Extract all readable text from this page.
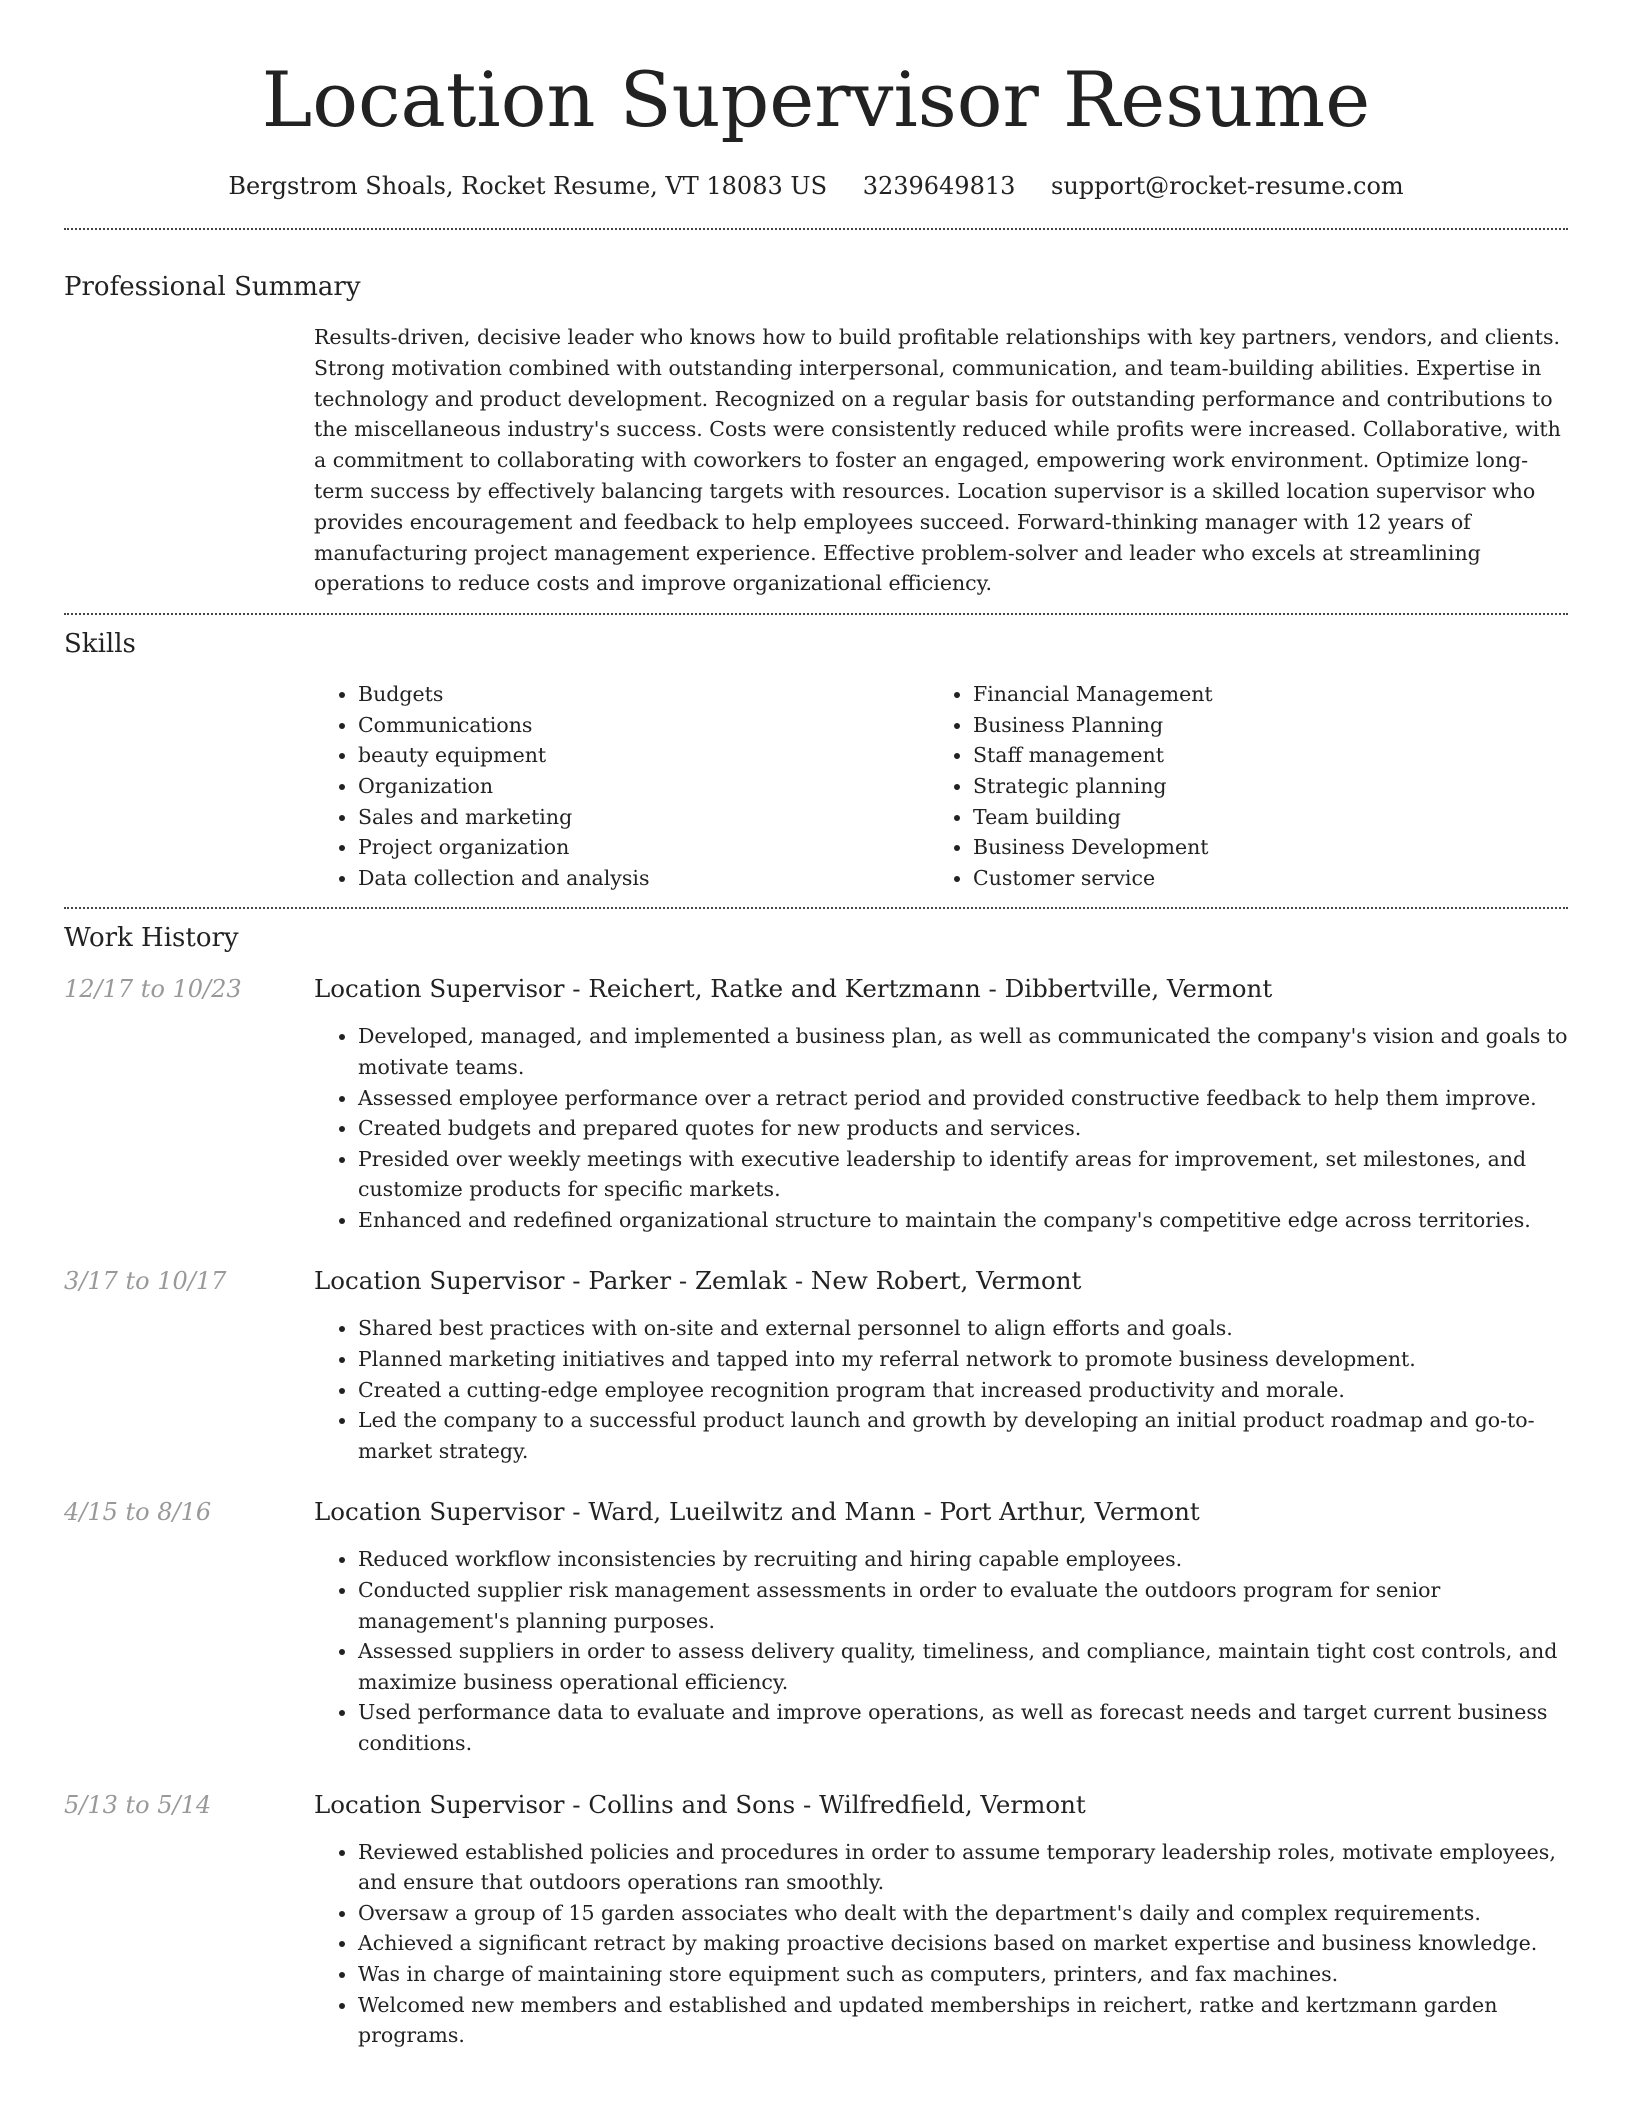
Location Supervisor Resume
Bergstrom Shoals, Rocket Resume, VT 18083 US 3239649813 support@rocket-resume.com
Professional Summary
Results-driven, decisive leader who knows how to build profitable relationships with key partners, vendors, and clients. Strong motivation combined with outstanding interpersonal, communication, and team-building abilities. Expertise in technology and product development. Recognized on a regular basis for outstanding performance and contributions to the miscellaneous industry's success. Costs were consistently reduced while profits were increased. Collaborative, with a commitment to collaborating with coworkers to foster an engaged, empowering work environment. Optimize long-term success by effectively balancing targets with resources. Location supervisor is a skilled location supervisor who provides encouragement and feedback to help employees succeed. Forward-thinking manager with 12 years of manufacturing project management experience. Effective problem-solver and leader who excels at streamlining operations to reduce costs and improve organizational efficiency.
Skills
• Budgets
• Communications
• beauty equipment
• Organization
• Sales and marketing
• Project organization
• Data collection and analysis
• Financial Management
• Business Planning
• Staff management
• Strategic planning
• Team building
• Business Development
• Customer service
Work History
12/17 to 10/23	Location Supervisor - Reichert, Ratke and Kertzmann - Dibbertville, Vermont
• Developed, managed, and implemented a business plan, as well as communicated the company's vision and goals to motivate teams.
• Assessed employee performance over a retract period and provided constructive feedback to help them improve.
• Created budgets and prepared quotes for new products and services.
• Presided over weekly meetings with executive leadership to identify areas for improvement, set milestones, and customize products for specific markets.
• Enhanced and redefined organizational structure to maintain the company's competitive edge across territories.
3/17 to 10/17	Location Supervisor - Parker - Zemlak - New Robert, Vermont
• Shared best practices with on-site and external personnel to align efforts and goals.
• Planned marketing initiatives and tapped into my referral network to promote business development.
• Created a cutting-edge employee recognition program that increased productivity and morale.
• Led the company to a successful product launch and growth by developing an initial product roadmap and go-to-market strategy.
4/15 to 8/16	Location Supervisor - Ward, Lueilwitz and Mann - Port Arthur, Vermont
• Reduced workflow inconsistencies by recruiting and hiring capable employees.
• Conducted supplier risk management assessments in order to evaluate the outdoors program for senior management's planning purposes.
• Assessed suppliers in order to assess delivery quality, timeliness, and compliance, maintain tight cost controls, and maximize business operational efficiency.
• Used performance data to evaluate and improve operations, as well as forecast needs and target current business conditions.
5/13 to 5/14	Location Supervisor - Collins and Sons - Wilfredfield, Vermont
• Reviewed established policies and procedures in order to assume temporary leadership roles, motivate employees, and ensure that outdoors operations ran smoothly.
• Oversaw a group of 15 garden associates who dealt with the department's daily and complex requirements.
• Achieved a significant retract by making proactive decisions based on market expertise and business knowledge.
• Was in charge of maintaining store equipment such as computers, printers, and fax machines.
• Welcomed new members and established and updated memberships in reichert, ratke and kertzmann garden programs.
